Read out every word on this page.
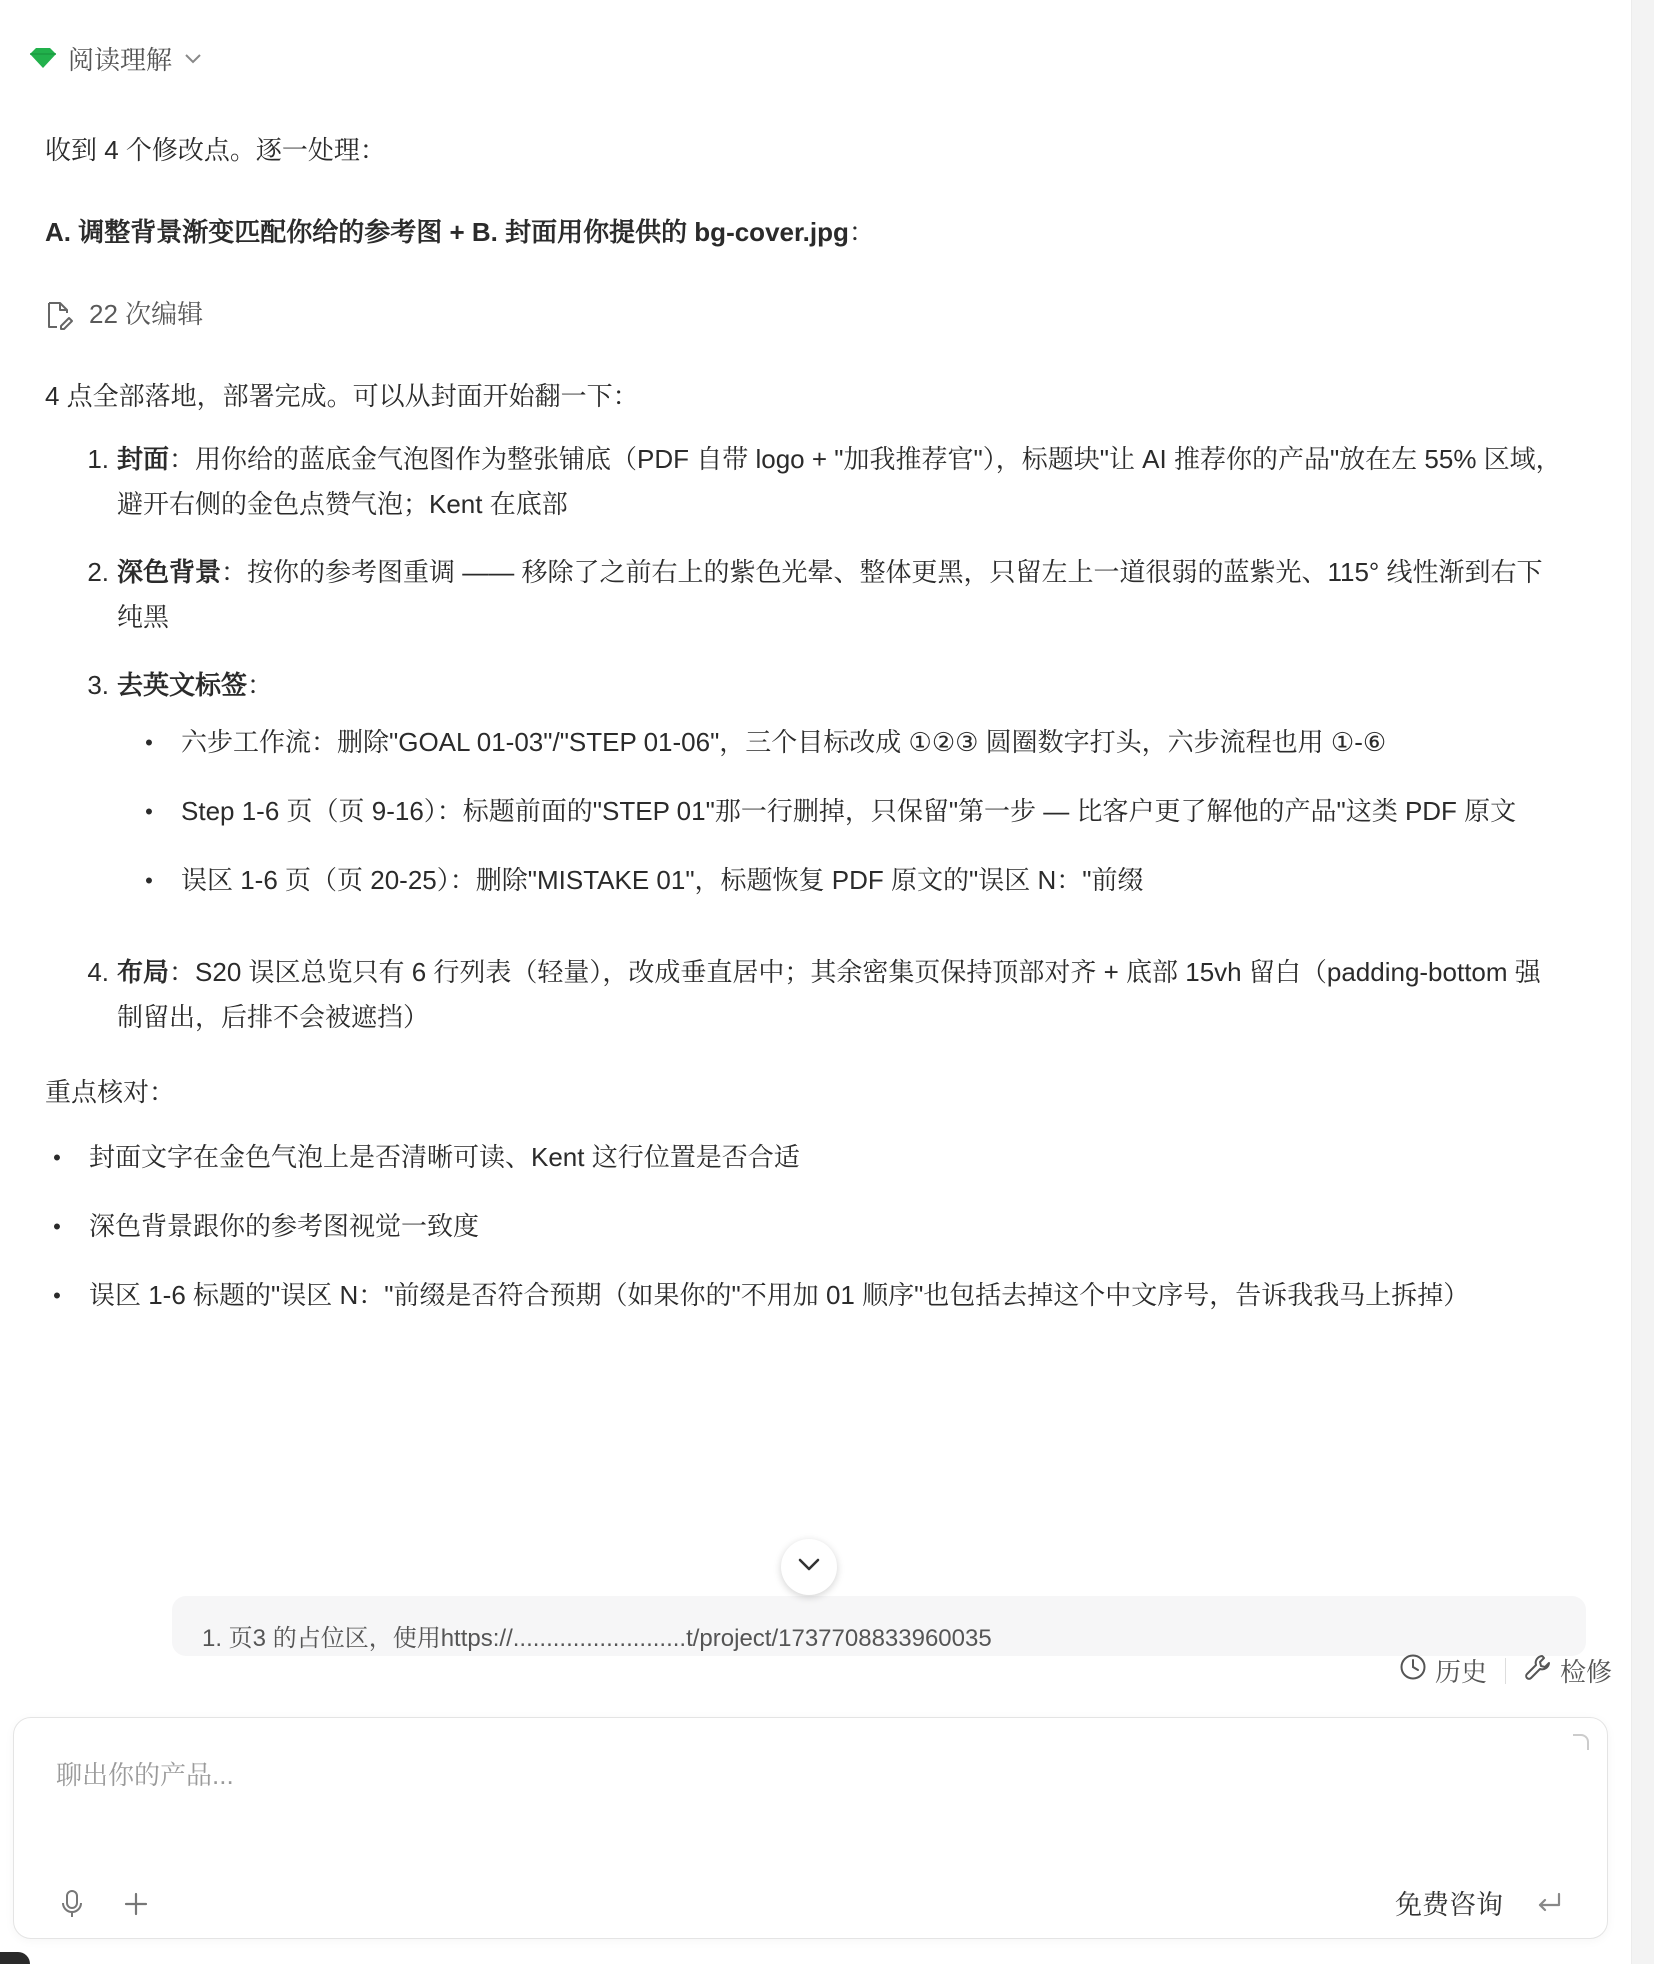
阅读理解

收到 4 个修改点。逐一处理：

A. 调整背景渐变匹配你给的参考图 + B. 封面用你提供的 bg-cover.jpg：

22 次编辑

4 点全部落地，部署完成。可以从封面开始翻一下：

1. 封面：用你给的蓝底金气泡图作为整张铺底（PDF 自带 logo + "加我推荐官"），标题块"让 AI 推荐你的产品"放在左 55% 区域，避开右侧的金色点赞气泡；Kent 在底部
2. 深色背景：按你的参考图重调 —— 移除了之前右上的紫色光晕、整体更黑，只留左上一道很弱的蓝紫光、115° 线性渐到右下纯黑
3. 去英文标签：
•	六步工作流：删除"GOAL 01-03"/"STEP 01-06"，三个目标改成 ①②③ 圆圈数字打头，六步流程也用 ①-⑥
•	Step 1-6 页（页 9-16）：标题前面的"STEP 01"那一行删掉，只保留"第一步 — 比客户更了解他的产品"这类 PDF 原文
•	误区 1-6 页（页 20-25）：删除"MISTAKE 01"，标题恢复 PDF 原文的"误区 N："前缀
4. 布局：S20 误区总览只有 6 行列表（轻量），改成垂直居中；其余密集页保持顶部对齐 + 底部 15vh 留白（padding-bottom 强制留出，后排不会被遮挡）

重点核对：

•	封面文字在金色气泡上是否清晰可读、Kent 这行位置是否合适
•	深色背景跟你的参考图视觉一致度
•	误区 1-6 标题的"误区 N："前缀是否符合预期（如果你的"不用加 01 顺序"也包括去掉这个中文序号，告诉我我马上拆掉）
1. 页3 的占位区，使用https://..........................t/project/1737708833960035
历史	检修
聊出你的产品...
免费咨询
